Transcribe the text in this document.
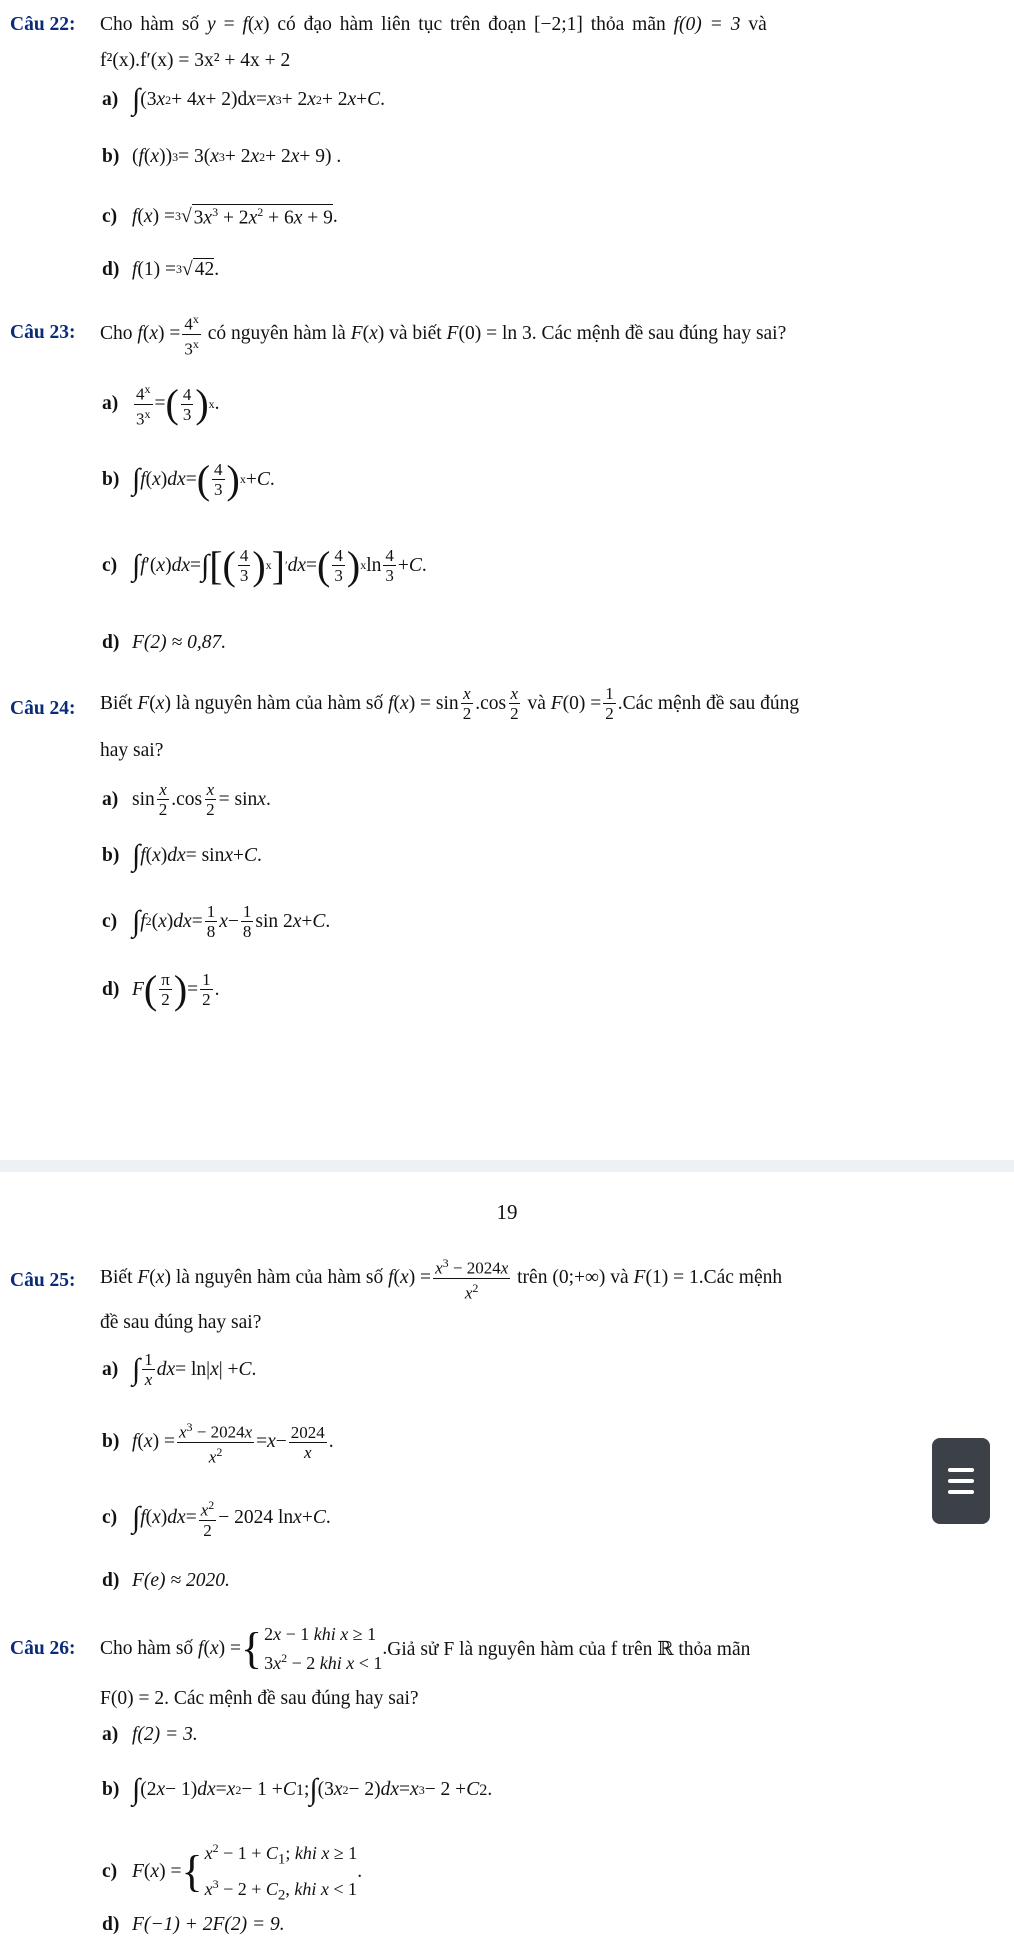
Câu 22: Cho hàm số y = f(x) có đạo hàm liên tục trên đoạn [−2;1] thỏa mãn f(0) = 3 và
f²(x).f′(x) = 3x² + 4x + 2
a) ∫ (3 x 2 + 4 x + 2)d x = x 3 + 2 x 2 + 2 x + C .
b) ( f ( x )) 3 = 3( x 3 + 2 x 2 + 2 x + 9) .
c) f ( x ) = 3 √ $3x^3 + 2x^2 + 6x + 9$ .
d) f (1) = 3 √ 42 .
Câu 23: Cho
f ( x ) = $\frac{4^x}{3^x}$
có nguyên hàm là
F ( x ) và biết
F (0) = ln 3. Các mệnh đề sau đúng hay sai?
$a) \frac{4^x}{3^x}$ = ( $\frac{4}{3}$ ) x .
b) ∫ f ( x ) dx = ( $\frac{4}{3}$ ) x + C .
c) ∫ f ′( x ) dx = ∫ [ ( $\frac{4}{3}$ ) x ] ′ dx = ( $\frac{4}{3}$ ) x $\ln \frac{4}{3} + C$ .
d) F(2) ≈ 0,87.
Câu 24: Biết
F ( x ) là nguyên hàm của hàm số
f ( x ) = $\sin \frac{x}{2} .\cos \frac{x}{2}$
và
F $(0) = \frac{1}{2}$ . Các mệnh đề sau đúng
hay sai?
a) $\sin \frac{x}{2} .\cos \frac{x}{2} = \sin x$ .
b) ∫ f ( x ) dx = sin x + C .
c) ∫ f 2 ( x ) dx = $\frac{1}{8}$ $x - \frac{1}{8}$ sin 2 x + C .
d) F ( $\frac{\pi}{2}$ ) = $\frac{1}{2}$ .
19
Câu 25: Biết
F ( x ) là nguyên hàm của hàm số
f ( x ) = $\frac{x^3 - 2024x}{x^2}$
trên (0;+∞) và
F (1) = 1. Các mệnh
đề sau đúng hay sai?
a) ∫ $\frac{1}{x}$ dx = ln| x | + C .
b) f ( x ) = $\frac{x^3 - 2024x}{x^2} = x - \frac{2024}{x}$ .
c) ∫ f ( x ) dx = $\frac{x^2}{2} - 2024$ ln x + C .
d) F(e) ≈ 2020.
Câu 26: Cho hàm số
f ( x ) = { 2x − 1 khi x ≥ 1
$3x^2 - 2$ khi x < 1
. Giả sử F là nguyên hàm của f trên ℝ thỏa mãn
F(0) = 2. Các mệnh đề sau đúng hay sai?
a) f(2) = 3.
b) ∫ (2 x − 1) dx = x 2 − 1 + C 1 ; ∫ (3 x 2 − 2) dx = x 3 − 2 + C 2 .
c) F ( x ) = { $x^2 - 1 + C_1$; khi x ≥ 1
$x^3 - 2 + C_2$, khi x < 1
.
d) F(−1) + 2F(2) = 9.
